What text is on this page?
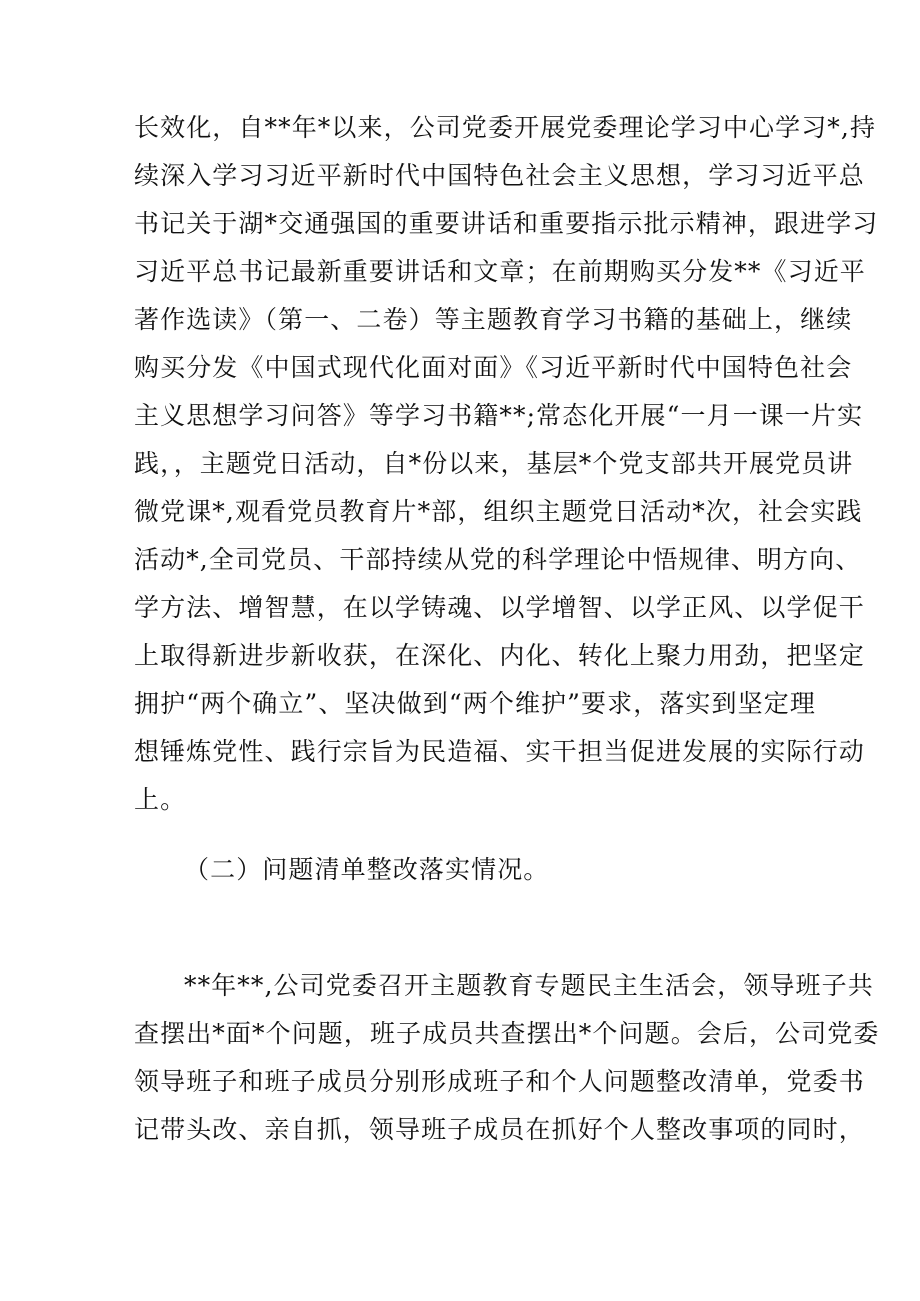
长效化，自**年*以来，公司党委开展党委理论学习中心学习*,持
续深入学习习近平新时代中国特色社会主义思想，学习习近平总
书记关于湖*交通强国的重要讲话和重要指示批示精神，跟进学习
习近平总书记最新重要讲话和文章；在前期购买分发**《习近平
著作选读》（第一、二卷）等主题教育学习书籍的基础上，继续
购买分发《中国式现代化面对面》《习近平新时代中国特色社会
主义思想学习问答》等学习书籍**;常态化开展“一月一课一片实
践，，主题党日活动，自*份以来，基层*个党支部共开展党员讲
微党课*,观看党员教育片*部，组织主题党日活动*次，社会实践
活动*,全司党员、干部持续从党的科学理论中悟规律、明方向、
学方法、增智慧，在以学铸魂、以学增智、以学正风、以学促干
上取得新进步新收获，在深化、内化、转化上聚力用劲，把坚定
拥护“两个确立”、坚决做到“两个维护”要求，落实到坚定理
想锤炼党性、践行宗旨为民造福、实干担当促进发展的实际行动
上。
（二）问题清单整改落实情况。
**年**,公司党委召开主题教育专题民主生活会，领导班子共
查摆出*面*个问题，班子成员共查摆出*个问题。会后，公司党委
领导班子和班子成员分别形成班子和个人问题整改清单，党委书
记带头改、亲自抓，领导班子成员在抓好个人整改事项的同时，
